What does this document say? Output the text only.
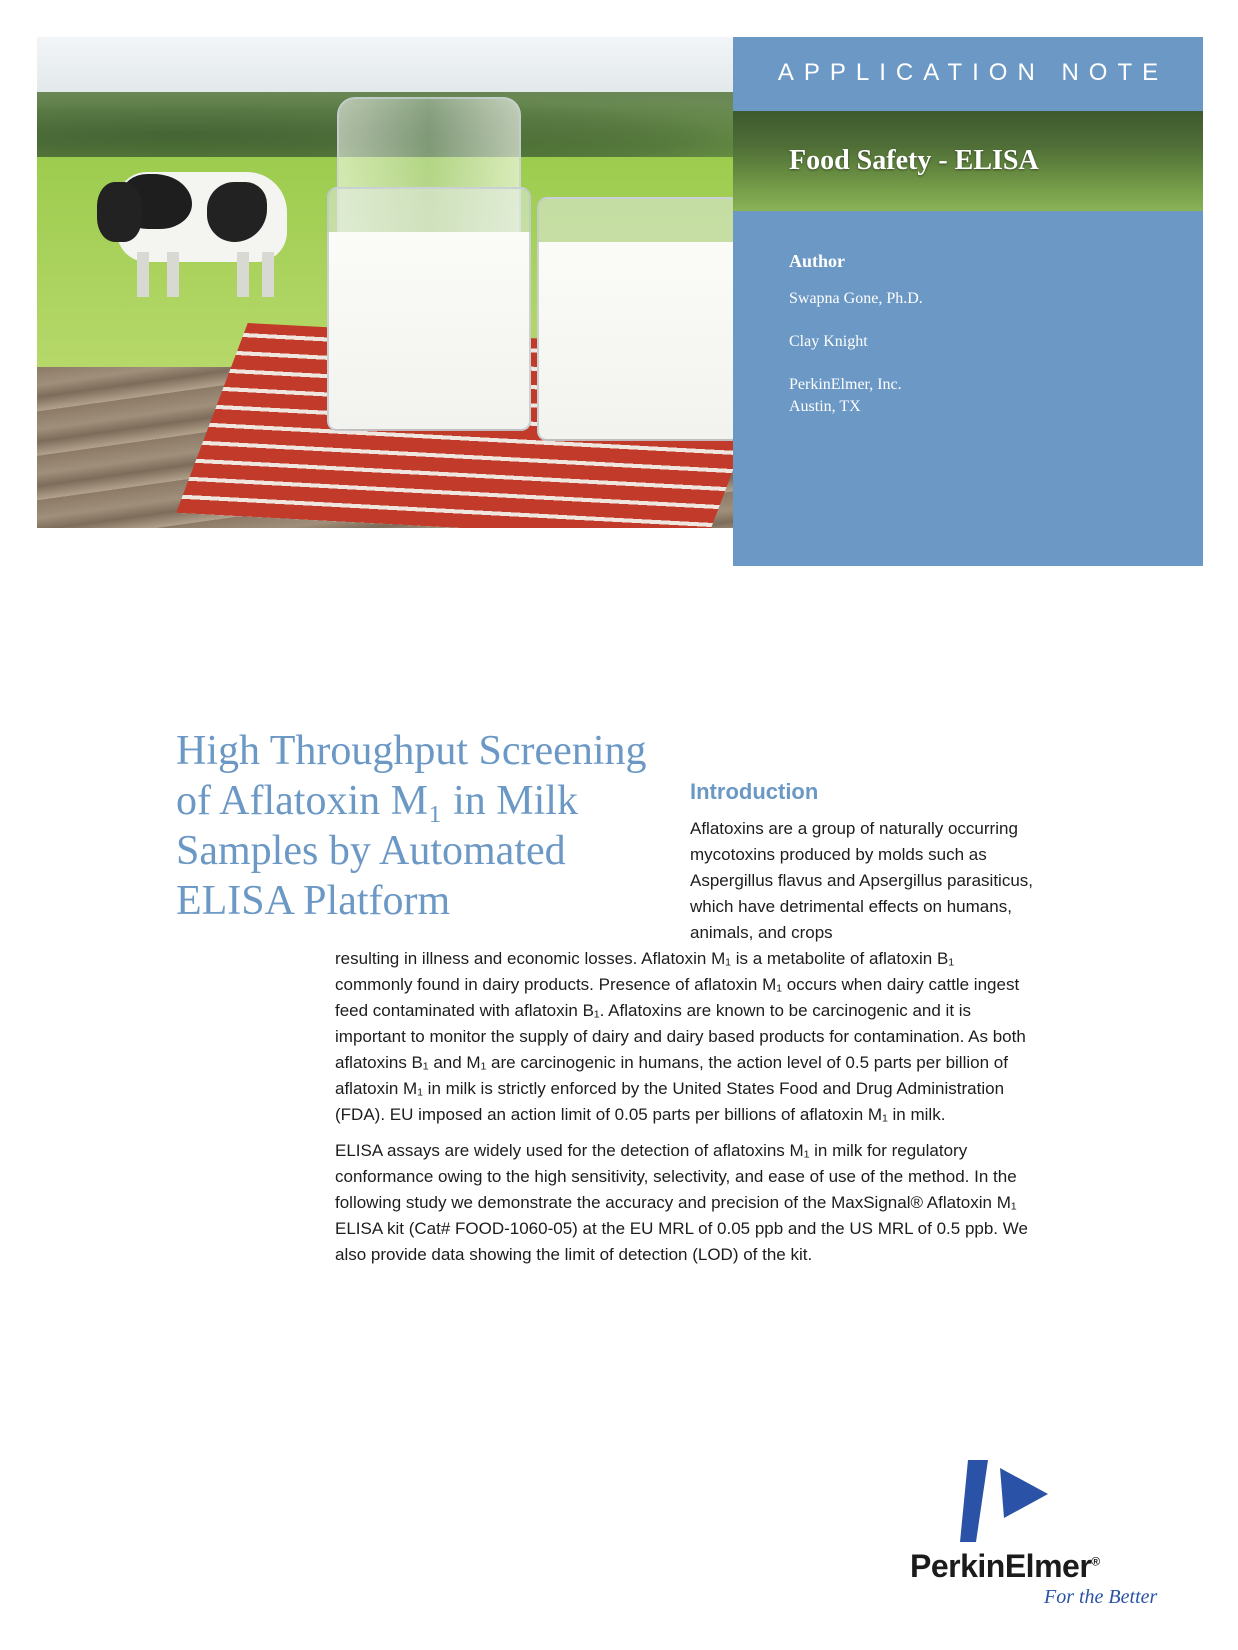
APPLICATION NOTE
Food Safety - ELISA
Author
Swapna Gone, Ph.D.
Clay Knight
PerkinElmer, Inc.
Austin, TX
High Throughput Screening
of Aflatoxin M₁ in Milk
Samples by Automated
ELISA Platform
Introduction

Aflatoxins are a group of naturally occurring mycotoxins produced by molds such as Aspergillus flavus and Apsergillus parasiticus, which have detrimental effects on humans, animals, and crops

resulting in illness and economic losses. Aflatoxin M₁ is a metabolite of aflatoxin B₁ commonly found in dairy products. Presence of aflatoxin M₁ occurs when dairy cattle ingest feed contaminated with aflatoxin B₁. Aflatoxins are known to be carcinogenic and it is important to monitor the supply of dairy and dairy based products for contamination. As both aflatoxins B₁ and M₁ are carcinogenic in humans, the action level of 0.5 parts per billion of aflatoxin M₁ in milk is strictly enforced by the United States Food and Drug Administration (FDA). EU imposed an action limit of 0.05 parts per billions of aflatoxin M₁ in milk.

ELISA assays are widely used for the detection of aflatoxins M₁ in milk for regulatory conformance owing to the high sensitivity, selectivity, and ease of use of the method. In the following study we demonstrate the accuracy and precision of the MaxSignal® Aflatoxin M₁ ELISA kit (Cat# FOOD-1060-05) at the EU MRL of 0.05 ppb and the US MRL of 0.5 ppb. We also provide data showing the limit of detection (LOD) of the kit.

PerkinElmer®
For the Better
